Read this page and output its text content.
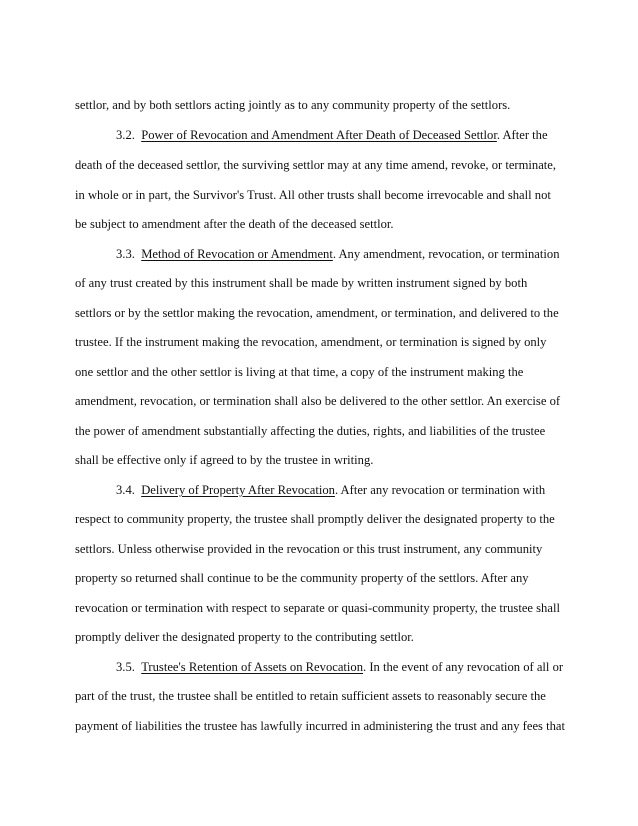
settlor, and by both settlors acting jointly as to any community property of the settlors.
3.2. Power of Revocation and Amendment After Death of Deceased Settlor. After the
death of the deceased settlor, the surviving settlor may at any time amend, revoke, or terminate,
in whole or in part, the Survivor's Trust. All other trusts shall become irrevocable and shall not
be subject to amendment after the death of the deceased settlor.
3.3. Method of Revocation or Amendment. Any amendment, revocation, or termination
of any trust created by this instrument shall be made by written instrument signed by both
settlors or by the settlor making the revocation, amendment, or termination, and delivered to the
trustee. If the instrument making the revocation, amendment, or termination is signed by only
one settlor and the other settlor is living at that time, a copy of the instrument making the
amendment, revocation, or termination shall also be delivered to the other settlor. An exercise of
the power of amendment substantially affecting the duties, rights, and liabilities of the trustee
shall be effective only if agreed to by the trustee in writing.
3.4. Delivery of Property After Revocation. After any revocation or termination with
respect to community property, the trustee shall promptly deliver the designated property to the
settlors. Unless otherwise provided in the revocation or this trust instrument, any community
property so returned shall continue to be the community property of the settlors. After any
revocation or termination with respect to separate or quasi-community property, the trustee shall
promptly deliver the designated property to the contributing settlor.
3.5. Trustee's Retention of Assets on Revocation. In the event of any revocation of all or
part of the trust, the trustee shall be entitled to retain sufficient assets to reasonably secure the
payment of liabilities the trustee has lawfully incurred in administering the trust and any fees that
